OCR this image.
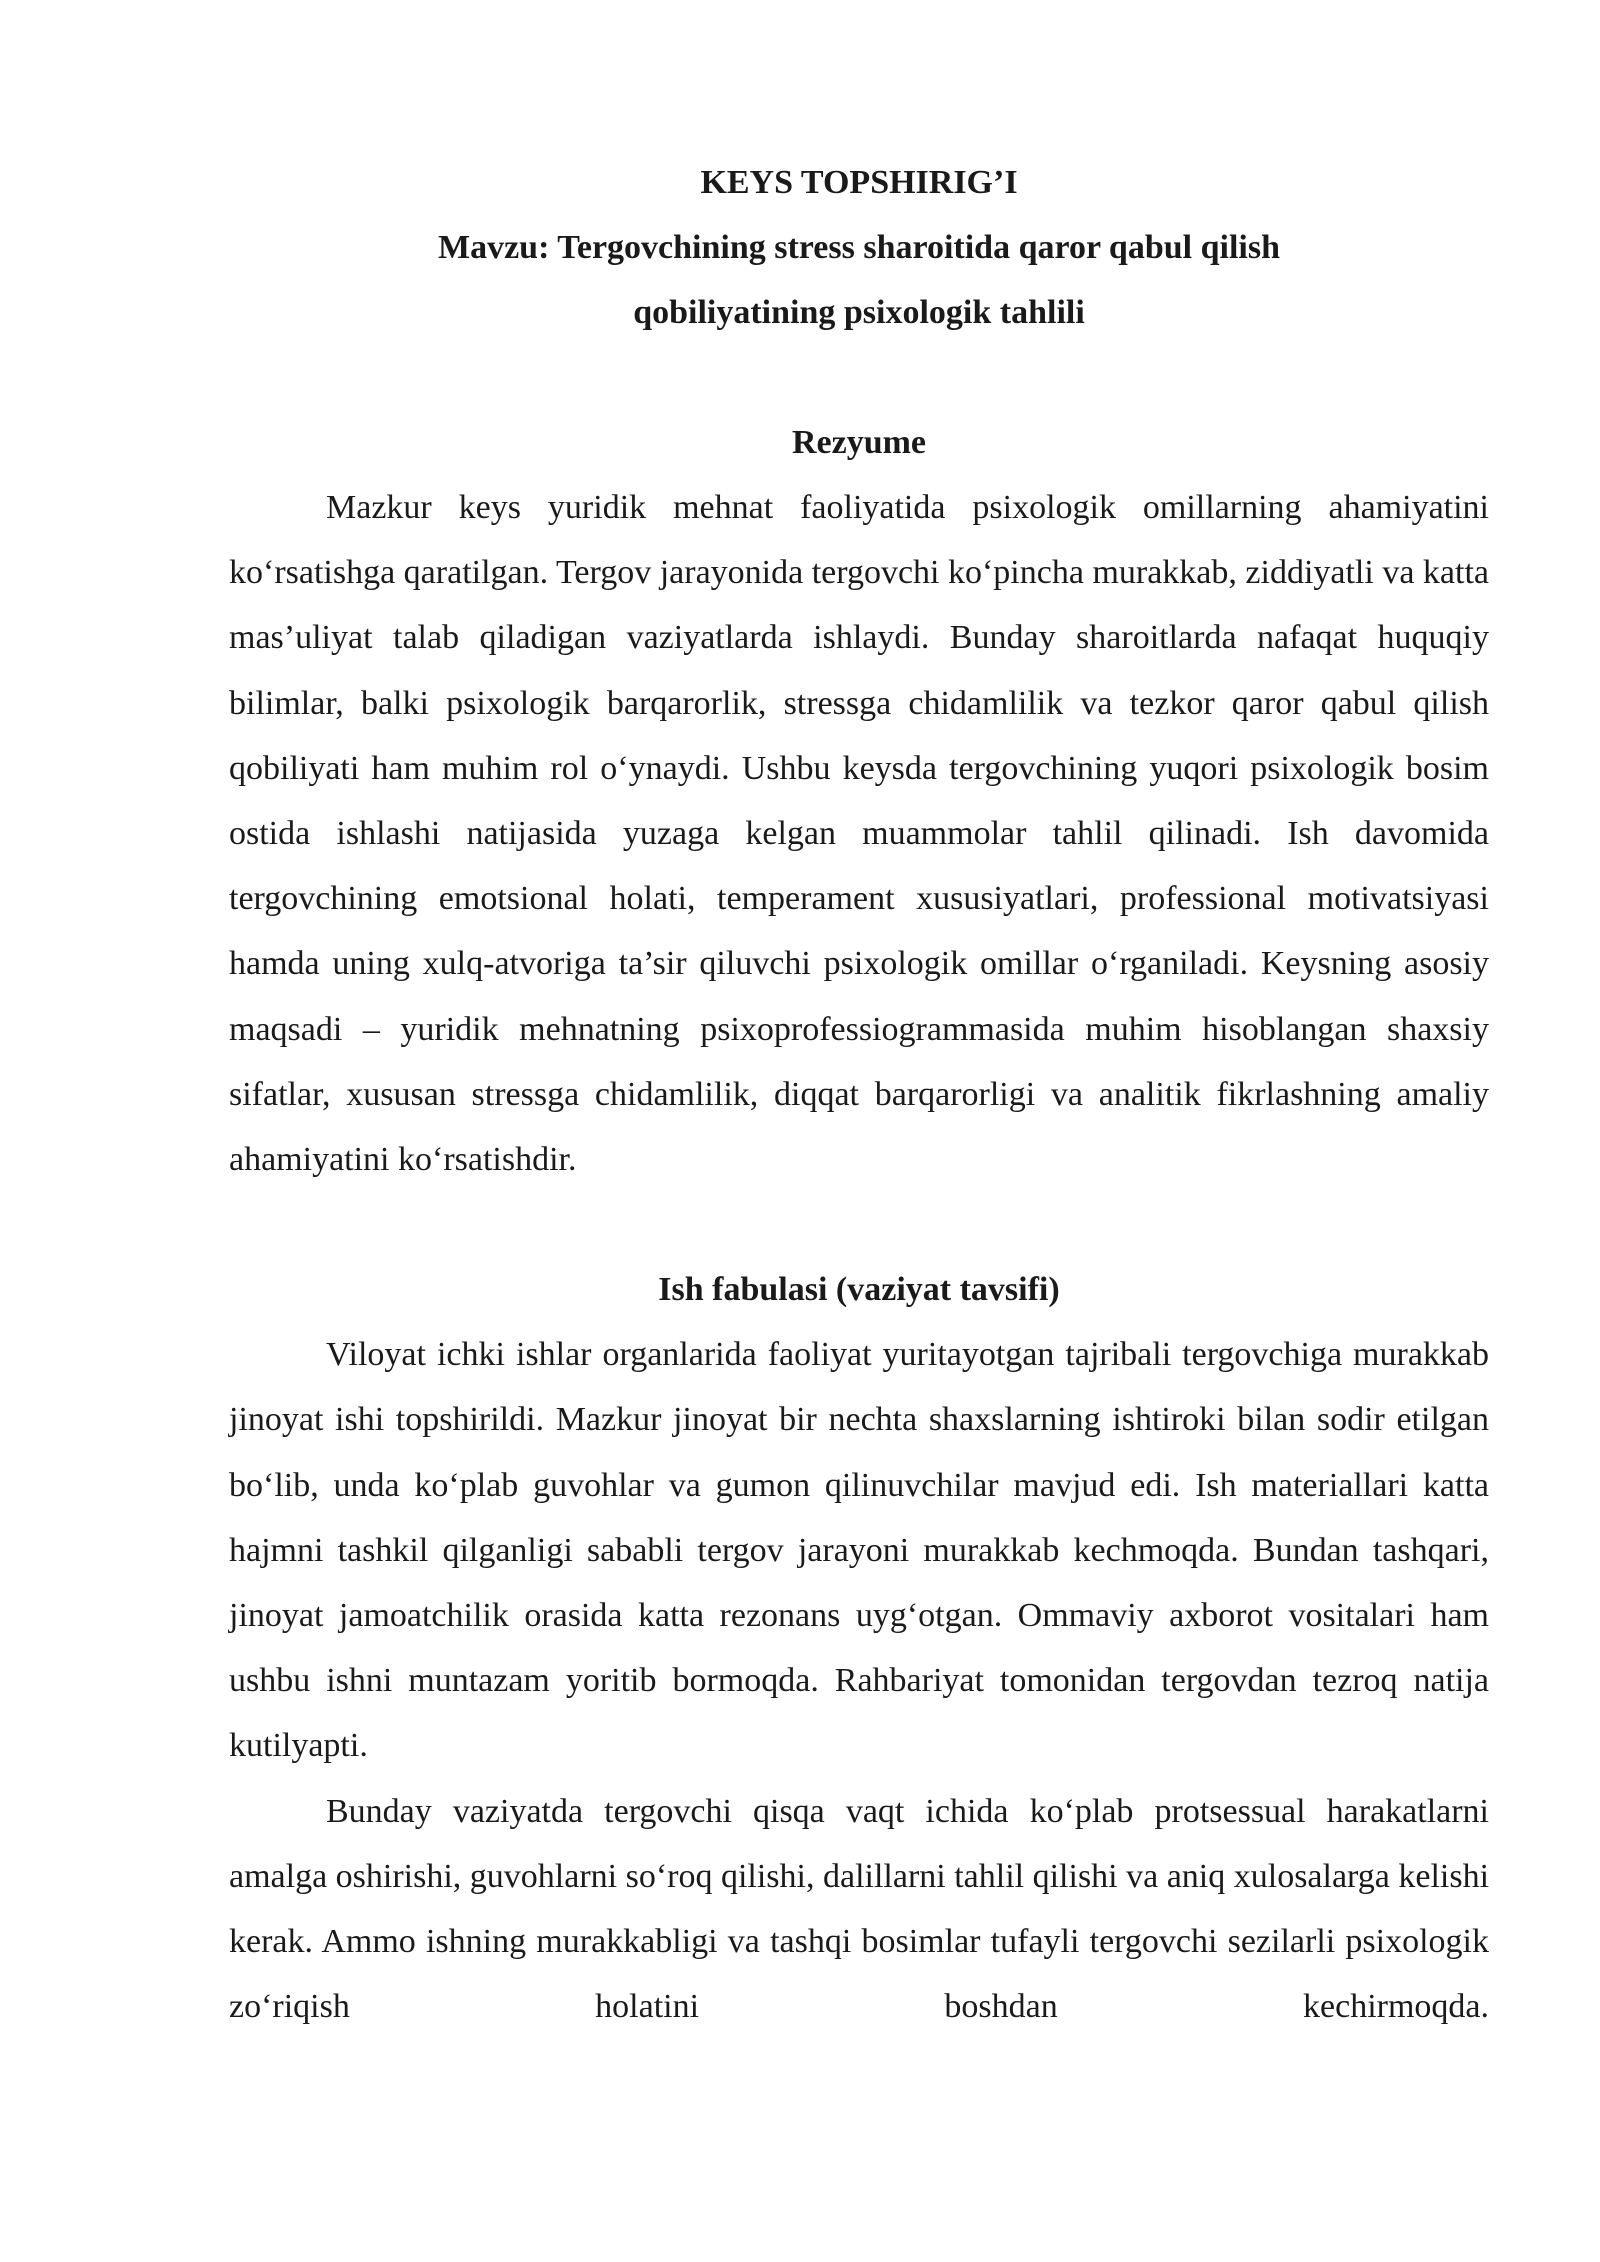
KEYS TOPSHIRIG’I

Mavzu: Tergovchining stress sharoitida qaror qabul qilish

qobiliyatining psixologik tahlili

Rezyume

Mazkur keys yuridik mehnat faoliyatida psixologik omillarning ahamiyatini ko‘rsatishga qaratilgan. Tergov jarayonida tergovchi ko‘pincha murakkab, ziddiyatli va katta mas’uliyat talab qiladigan vaziyatlarda ishlaydi. Bunday sharoitlarda nafaqat huquqiy bilimlar, balki psixologik barqarorlik, stressga chidamlilik va tezkor qaror qabul qilish qobiliyati ham muhim rol o‘ynaydi. Ushbu keysda tergovchining yuqori psixologik bosim ostida ishlashi natijasida yuzaga kelgan muammolar tahlil qilinadi. Ish davomida tergovchining emotsional holati, temperament xususiyatlari, professional motivatsiyasi hamda uning xulq-atvoriga ta’sir qiluvchi psixologik omillar o‘rganiladi. Keysning asosiy maqsadi – yuridik mehnatning psixoprofessiogrammasida muhim hisoblangan shaxsiy sifatlar, xususan stressga chidamlilik, diqqat barqarorligi va analitik fikrlashning amaliy ahamiyatini ko‘rsatishdir.

Ish fabulasi (vaziyat tavsifi)

Viloyat ichki ishlar organlarida faoliyat yuritayotgan tajribali tergovchiga murakkab jinoyat ishi topshirildi. Mazkur jinoyat bir nechta shaxslarning ishtiroki bilan sodir etilgan bo‘lib, unda ko‘plab guvohlar va gumon qilinuvchilar mavjud edi. Ish materiallari katta hajmni tashkil qilganligi sababli tergov jarayoni murakkab kechmoqda. Bundan tashqari, jinoyat jamoatchilik orasida katta rezonans uyg‘otgan. Ommaviy axborot vositalari ham ushbu ishni muntazam yoritib bormoqda. Rahbariyat tomonidan tergovdan tezroq natija kutilyapti.

Bunday vaziyatda tergovchi qisqa vaqt ichida ko‘plab protsessual harakatlarni amalga oshirishi, guvohlarni so‘roq qilishi, dalillarni tahlil qilishi va aniq xulosalarga kelishi kerak. Ammo ishning murakkabligi va tashqi bosimlar tufayli tergovchi sezilarli psixologik zo‘riqish holatini boshdan kechirmoqda.
